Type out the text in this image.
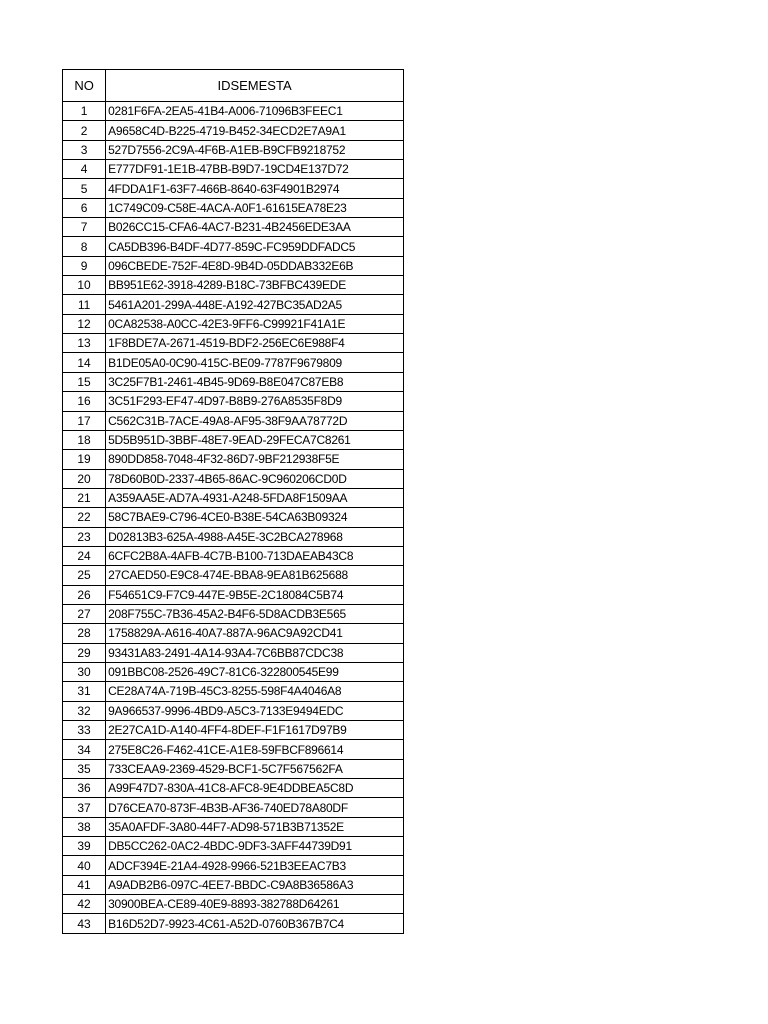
NO	IDSEMESTA
1	0281F6FA-2EA5-41B4-A006-71096B3FEEC1
2	A9658C4D-B225-4719-B452-34ECD2E7A9A1
3	527D7556-2C9A-4F6B-A1EB-B9CFB9218752
4	E777DF91-1E1B-47BB-B9D7-19CD4E137D72
5	4FDDA1F1-63F7-466B-8640-63F4901B2974
6	1C749C09-C58E-4ACA-A0F1-61615EA78E23
7	B026CC15-CFA6-4AC7-B231-4B2456EDE3AA
8	CA5DB396-B4DF-4D77-859C-FC959DDFADC5
9	096CBEDE-752F-4E8D-9B4D-05DDAB332E6B
10	BB951E62-3918-4289-B18C-73BFBC439EDE
11	5461A201-299A-448E-A192-427BC35AD2A5
12	0CA82538-A0CC-42E3-9FF6-C99921F41A1E
13	1F8BDE7A-2671-4519-BDF2-256EC6E988F4
14	B1DE05A0-0C90-415C-BE09-7787F9679809
15	3C25F7B1-2461-4B45-9D69-B8E047C87EB8
16	3C51F293-EF47-4D97-B8B9-276A8535F8D9
17	C562C31B-7ACE-49A8-AF95-38F9AA78772D
18	5D5B951D-3BBF-48E7-9EAD-29FECA7C8261
19	890DD858-7048-4F32-86D7-9BF212938F5E
20	78D60B0D-2337-4B65-86AC-9C960206CD0D
21	A359AA5E-AD7A-4931-A248-5FDA8F1509AA
22	58C7BAE9-C796-4CE0-B38E-54CA63B09324
23	D02813B3-625A-4988-A45E-3C2BCA278968
24	6CFC2B8A-4AFB-4C7B-B100-713DAEAB43C8
25	27CAED50-E9C8-474E-BBA8-9EA81B625688
26	F54651C9-F7C9-447E-9B5E-2C18084C5B74
27	208F755C-7B36-45A2-B4F6-5D8ACDB3E565
28	1758829A-A616-40A7-887A-96AC9A92CD41
29	93431A83-2491-4A14-93A4-7C6BB87CDC38
30	091BBC08-2526-49C7-81C6-322800545E99
31	CE28A74A-719B-45C3-8255-598F4A4046A8
32	9A966537-9996-4BD9-A5C3-7133E9494EDC
33	2E27CA1D-A140-4FF4-8DEF-F1F1617D97B9
34	275E8C26-F462-41CE-A1E8-59FBCF896614
35	733CEAA9-2369-4529-BCF1-5C7F567562FA
36	A99F47D7-830A-41C8-AFC8-9E4DDBEA5C8D
37	D76CEA70-873F-4B3B-AF36-740ED78A80DF
38	35A0AFDF-3A80-44F7-AD98-571B3B71352E
39	DB5CC262-0AC2-4BDC-9DF3-3AFF44739D91
40	ADCF394E-21A4-4928-9966-521B3EEAC7B3
41	A9ADB2B6-097C-4EE7-BBDC-C9A8B36586A3
42	30900BEA-CE89-40E9-8893-382788D64261
43	B16D52D7-9923-4C61-A52D-0760B367B7C4
